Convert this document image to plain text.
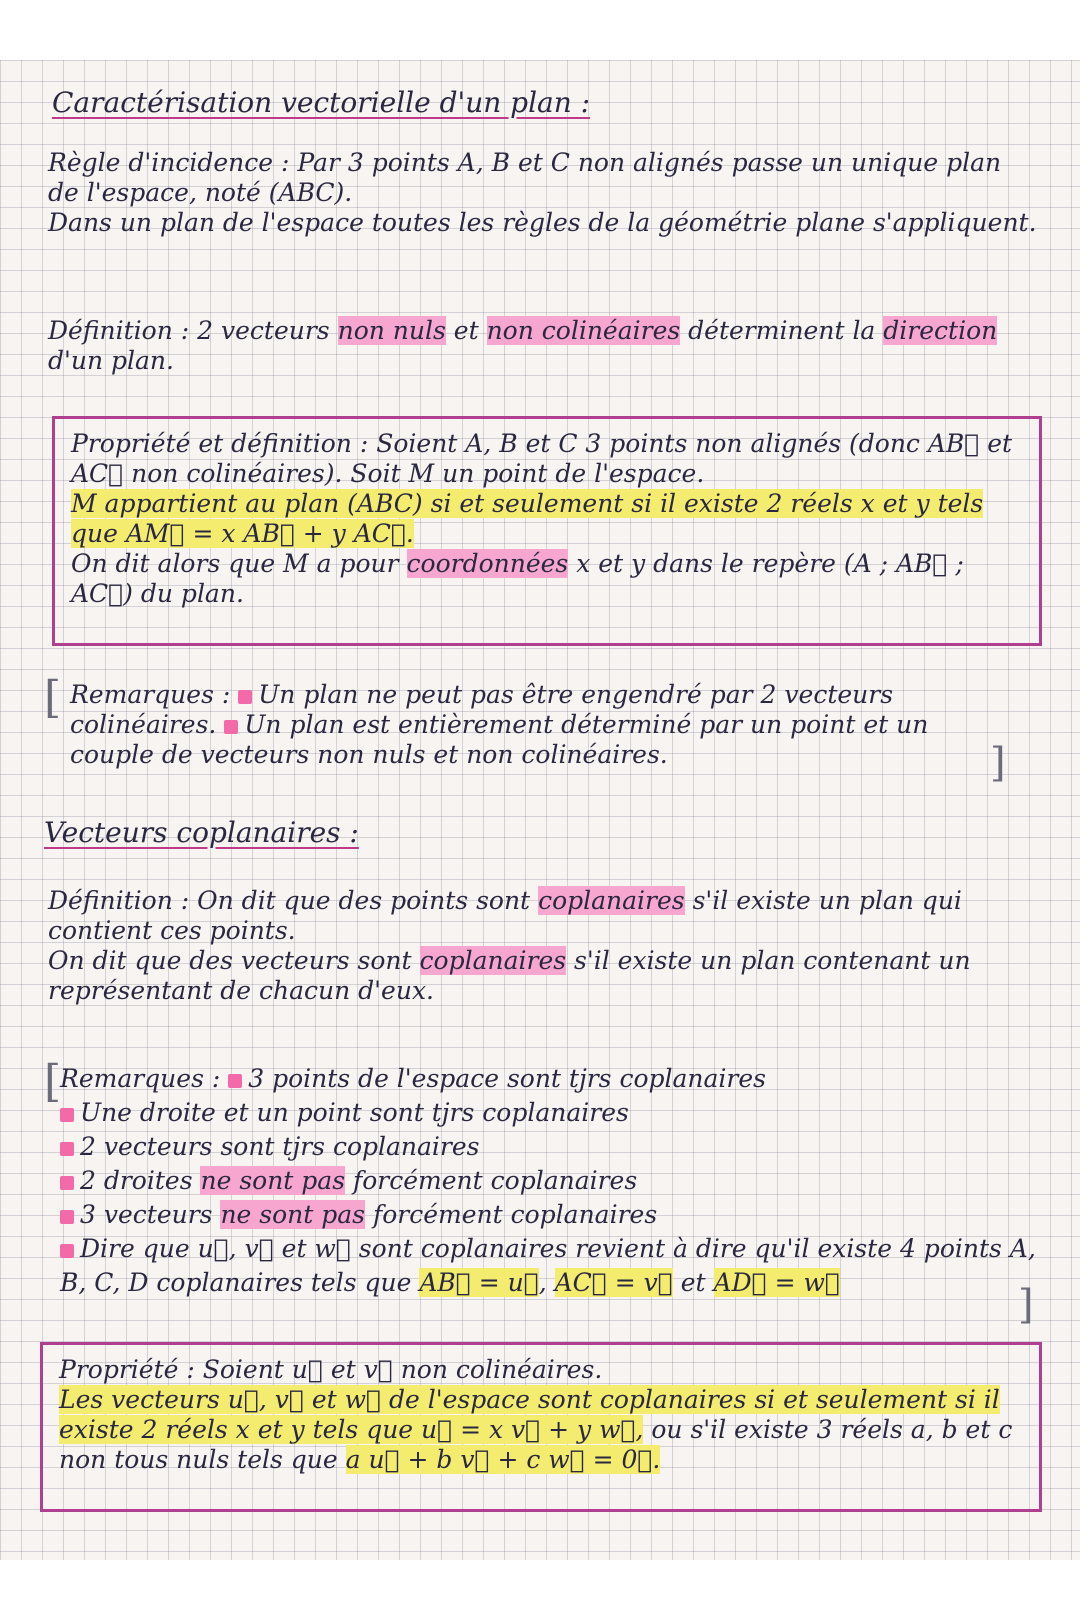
Caractérisation vectorielle d'un plan :
Règle d'incidence : Par 3 points A, B et C non alignés passe un unique plan de l'espace, noté (ABC).
Dans un plan de l'espace toutes les règles de la géométrie plane s'appliquent.
Définition : 2 vecteurs non nuls et non colinéaires déterminent la direction d'un plan.
Propriété et définition : Soient A, B et C 3 points non alignés (donc AB⃗ et AC⃗ non colinéaires). Soit M un point de l'espace.
M appartient au plan (ABC) si et seulement si il existe 2 réels x et y tels que AM⃗ = x AB⃗ + y AC⃗.
On dit alors que M a pour coordonnées x et y dans le repère (A ; AB⃗ ; AC⃗) du plan.
[ Remarques : Un plan ne peut pas être engendré par 2 vecteurs colinéaires. Un plan est entièrement déterminé par un point et un couple de vecteurs non nuls et non colinéaires.	]
Vecteurs coplanaires :
Définition : On dit que des points sont coplanaires s'il existe un plan qui contient ces points.
On dit que des vecteurs sont coplanaires s'il existe un plan contenant un représentant de chacun d'eux.
[
Remarques : 3 points de l'espace sont tjrs coplanaires
Une droite et un point sont tjrs coplanaires
2 vecteurs sont tjrs coplanaires
2 droites ne sont pas forcément coplanaires
3 vecteurs ne sont pas forcément coplanaires
Dire que u⃗, v⃗ et w⃗ sont coplanaires revient à dire qu'il existe 4 points A, B, C, D coplanaires tels que AB⃗ = u⃗, AC⃗ = v⃗ et AD⃗ = w⃗	]
Propriété : Soient u⃗ et v⃗ non colinéaires.
Les vecteurs u⃗, v⃗ et w⃗ de l'espace sont coplanaires si et seulement si il existe 2 réels x et y tels que u⃗ = x v⃗ + y w⃗, ou s'il existe 3 réels a, b et c non tous nuls tels que a u⃗ + b v⃗ + c w⃗ = 0⃗.
